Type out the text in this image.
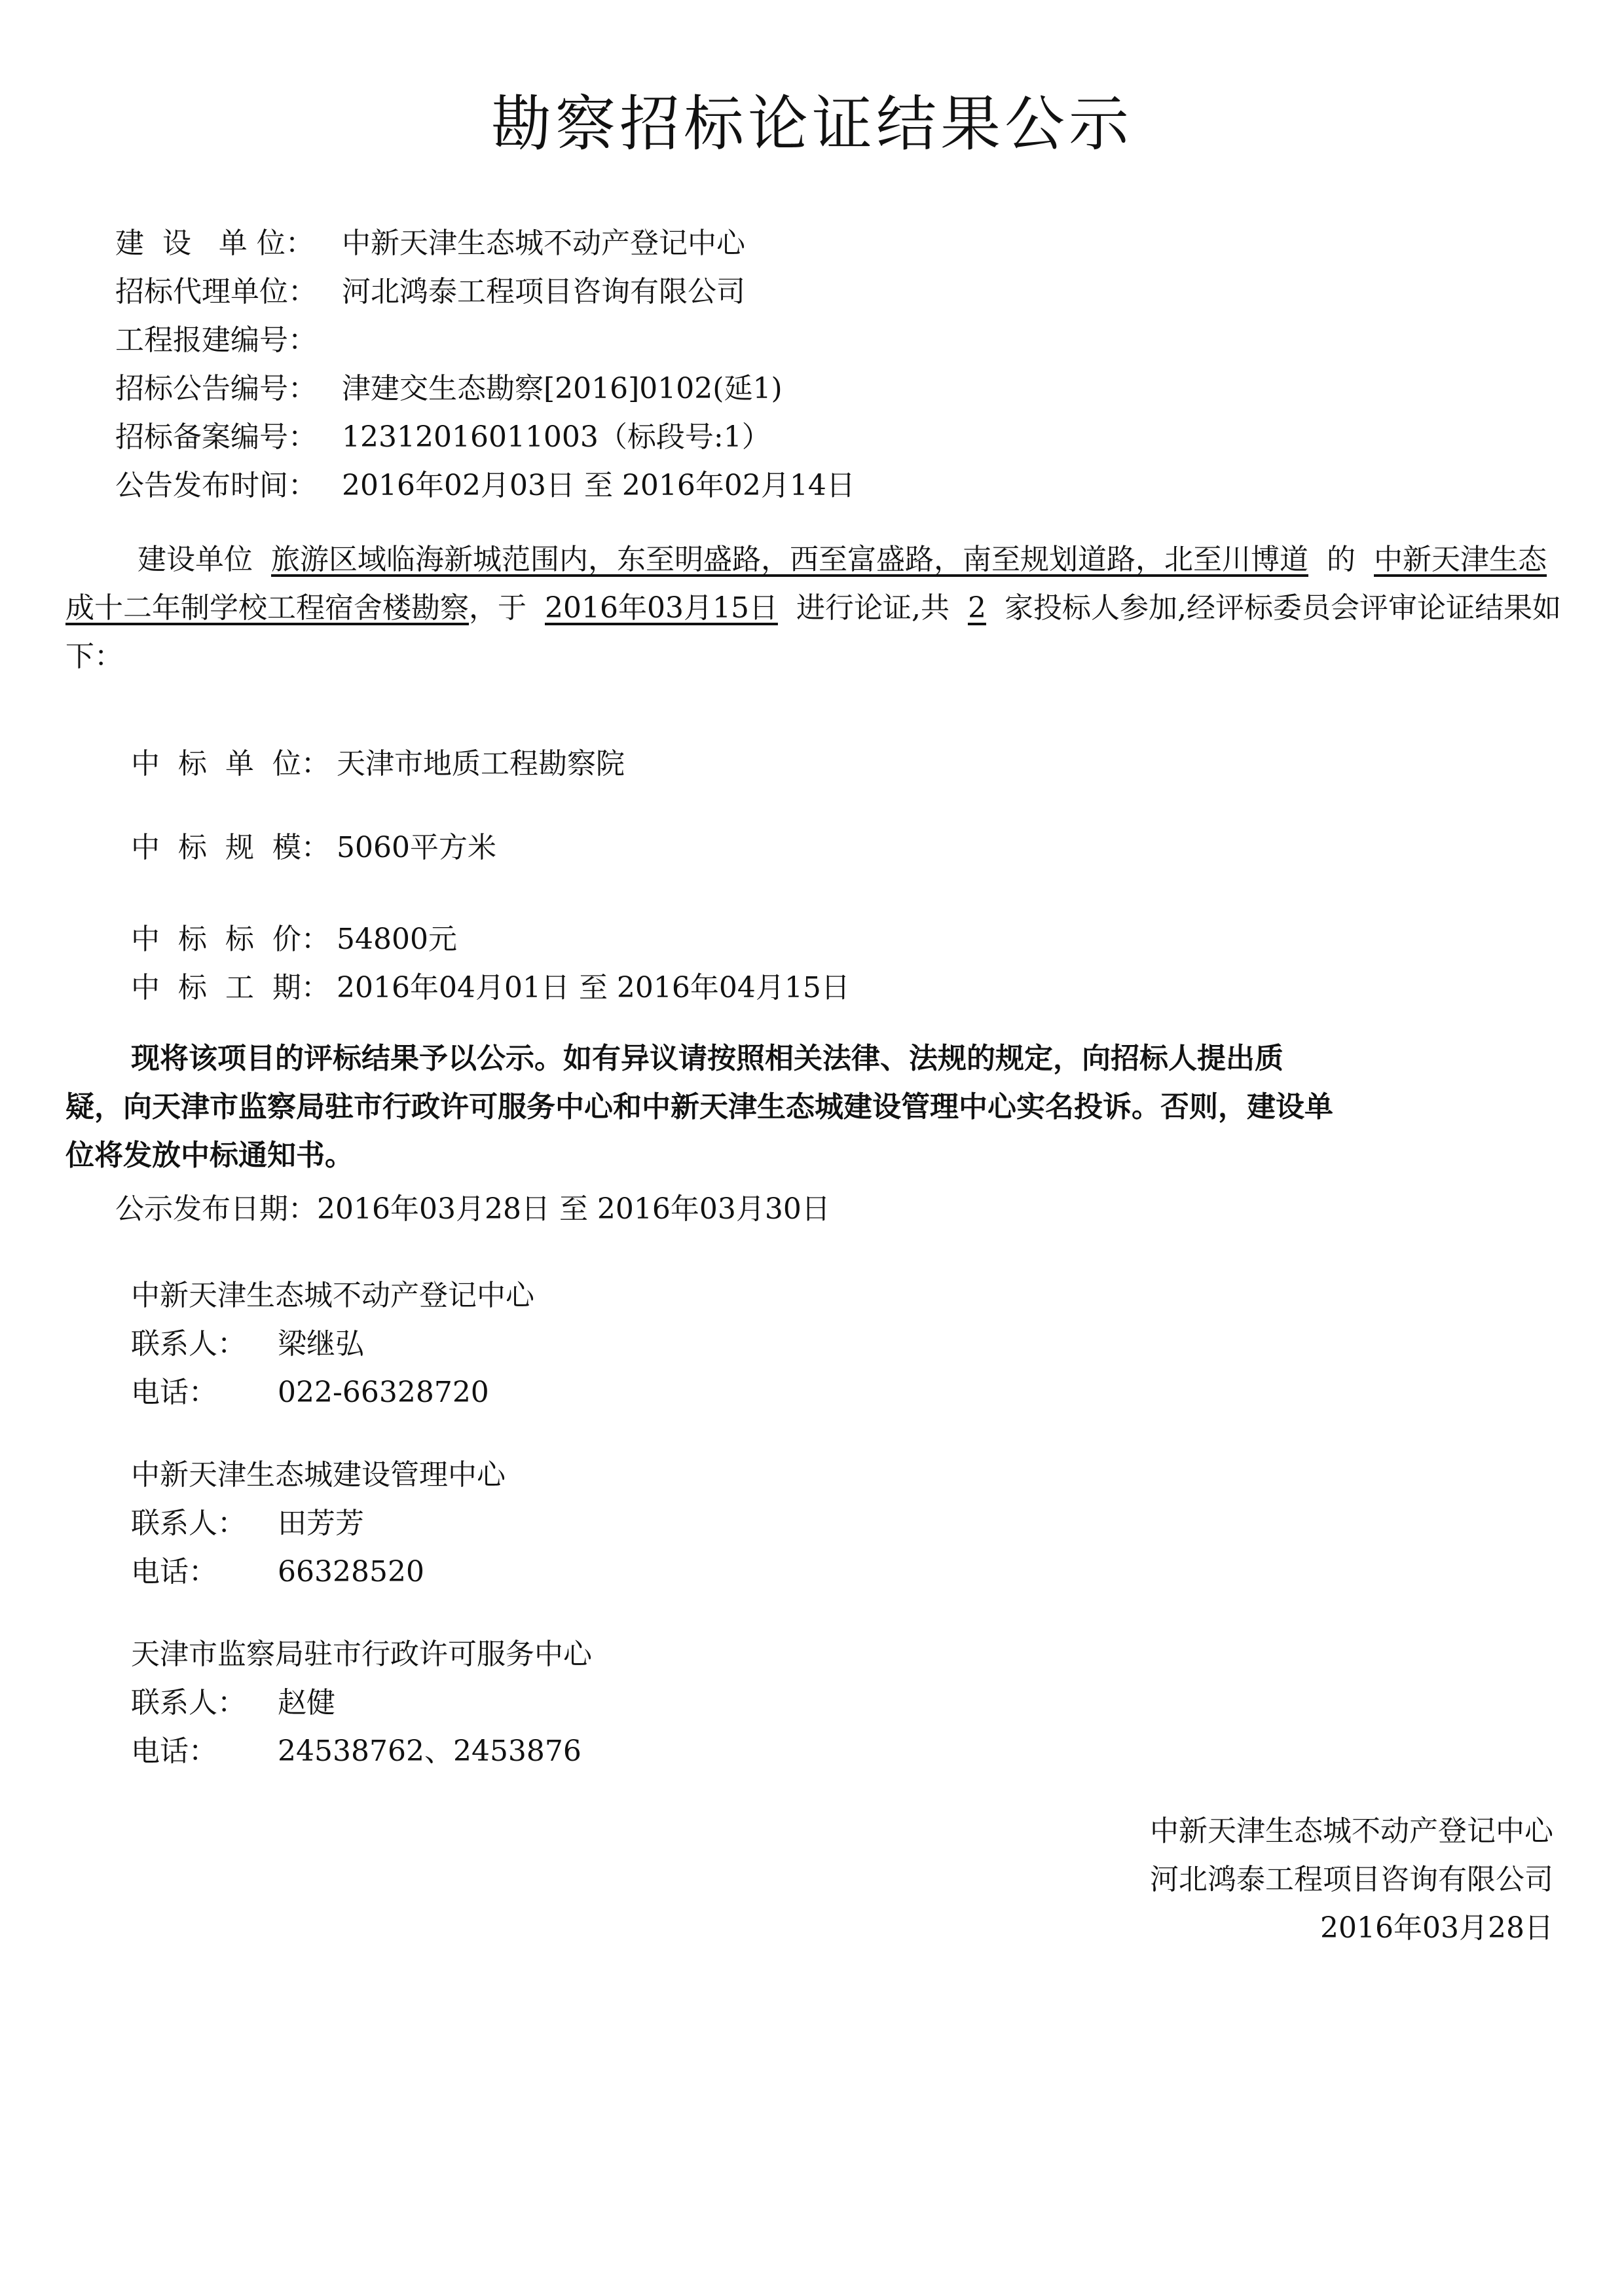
勘察招标论证结果公示
建  设   单 位： 中新天津生态城不动产登记中心
招标代理单位： 河北鸿泰工程项目咨询有限公司
工程报建编号：
招标公告编号： 津建交生态勘察[2016]0102(延1)
招标备案编号： 12312016011003（标段号:1）
公告发布时间： 2016年02月03日 至 2016年02月14日
建设单位 旅游区域临海新城范围内，东至明盛路，西至富盛路，南至规划道路，北至川博道 的 中新天津生态成十二年制学校工程宿舍楼勘察，于 2016年03月15日 进行论证,共 2 家投标人参加,经评标委员会评审论证结果如下：
中  标  单  位： 天津市地质工程勘察院
中  标  规  模： 5060平方米
中  标  标  价： 54800元
中  标  工  期： 2016年04月01日 至 2016年04月15日
现将该项目的评标结果予以公示。如有异议请按照相关法律、法规的规定，向招标人提出质
疑，向天津市监察局驻市行政许可服务中心和中新天津生态城建设管理中心实名投诉。否则，建设单
位将发放中标通知书。
公示发布日期：2016年03月28日 至 2016年03月30日
中新天津生态城不动产登记中心
联系人： 梁继弘
电话： 022-66328720
中新天津生态城建设管理中心
联系人： 田芳芳
电话： 66328520
天津市监察局驻市行政许可服务中心
联系人： 赵健
电话： 24538762、2453876
中新天津生态城不动产登记中心
河北鸿泰工程项目咨询有限公司
2016年03月28日
